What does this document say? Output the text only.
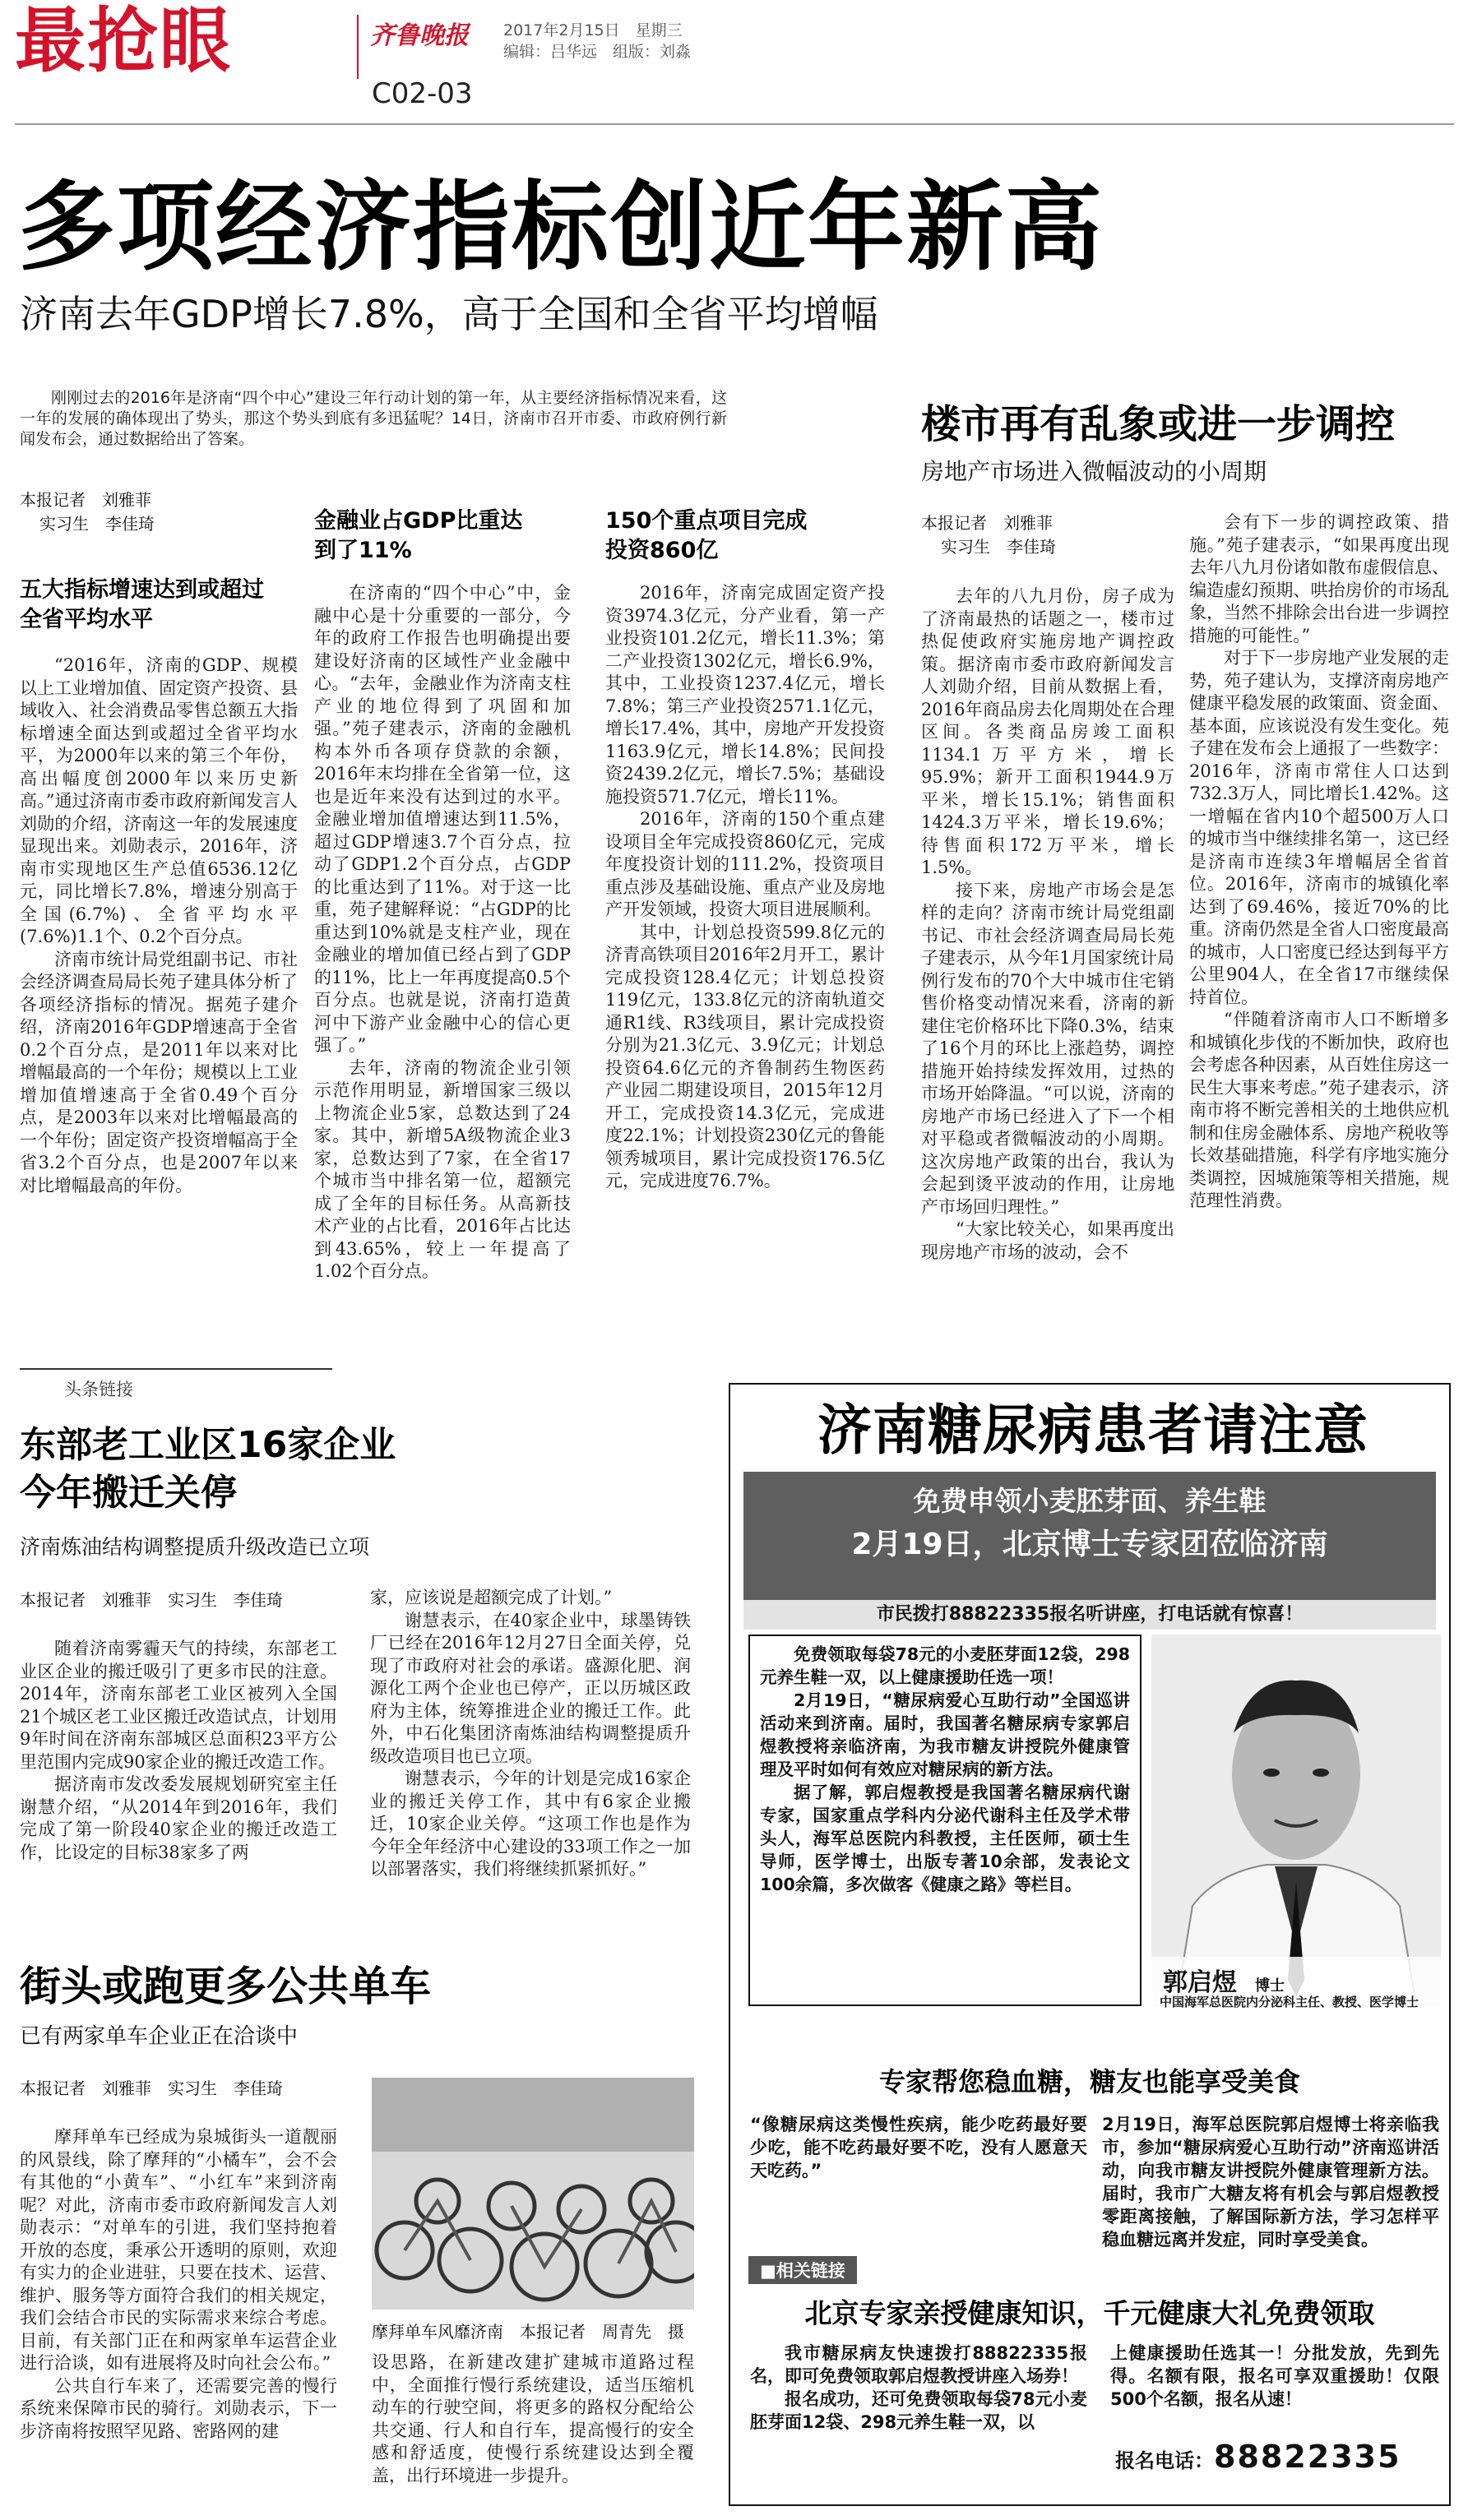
最抢眼	齐鲁晚报 2017年2月15日　 星期三
编辑：吕华远　 组版：刘淼
C02-03
多项经济指标创近年新高
济南去年GDP增长7.8%，高于全国和全省平均增幅

刚刚过去的2016年是济南“四个中心”建设三年行动计划的第一年，从主要经济指标情况来看，这一年的发展的确体现出了势头，那这个势头到底有多迅猛呢？14日，济南市召开市委、市政府例行新闻发布会，通过数据给出了答案。

本报记者　刘雅菲
实习生　李佳琦
五大指标增速达到或超过全省平均水平

“2016年，济南的GDP、规模以上工业增加值、固定资产投资、县域收入、社会消费品零售总额五大指标增速全面达到或超过全省平均水平，为2000年以来的第三个年份，高出幅度创2000年以来历史新高。”通过济南市委市政府新闻发言人刘勋的介绍，济南这一年的发展速度显现出来。刘勋表示，2016年，济南市实现地区生产总值6536.12亿元，同比增长7.8%，增速分别高于全国(6.7%)、全省平均水平(7.6%)1.1个、0.2个百分点。

济南市统计局党组副书记、市社会经济调查局局长苑子建具体分析了各项经济指标的情况。据苑子建介绍，济南2016年GDP增速高于全省0.2个百分点，是2011年以来对比增幅最高的一个年份；规模以上工业增加值增速高于全省0.49个百分点，是2003年以来对比增幅最高的一个年份；固定资产投资增幅高于全省3.2个百分点，也是2007年以来对比增幅最高的年份。

金融业占GDP比重达到了11%

在济南的“四个中心”中，金融中心是十分重要的一部分，今年的政府工作报告也明确提出要建设好济南的区域性产业金融中心。“去年，金融业作为济南支柱产业的地位得到了巩固和加强。”苑子建表示，济南的金融机构本外币各项存贷款的余额，2016年末均排在全省第一位，这也是近年来没有达到过的水平。金融业增加值增速达到11.5%，超过GDP增速3.7个百分点，拉动了GDP1.2个百分点，占GDP的比重达到了11%。对于这一比重，苑子建解释说：“占GDP的比重达到10%就是支柱产业，现在金融业的增加值已经占到了GDP的11%，比上一年再度提高0.5个百分点。也就是说，济南打造黄河中下游产业金融中心的信心更强了。”

去年，济南的物流企业引领示范作用明显，新增国家三级以上物流企业5家，总数达到了24家。其中，新增5A级物流企业3家，总数达到了7家，在全省17个城市当中排名第一位，超额完成了全年的目标任务。从高新技术产业的占比看，2016年占比达到43.65%，较上一年提高了1.02个百分点。

150个重点项目完成投资860亿

2016年，济南完成固定资产投资3974.3亿元，分产业看，第一产业投资101.2亿元，增长11.3%；第二产业投资1302亿元，增长6.9%，其中，工业投资1237.4亿元，增长7.8%；第三产业投资2571.1亿元，增长17.4%，其中，房地产开发投资1163.9亿元，增长14.8%；民间投资2439.2亿元，增长7.5%；基础设施投资571.7亿元，增长11%。

2016年，济南的150个重点建设项目全年完成投资860亿元，完成年度投资计划的111.2%，投资项目重点涉及基础设施、重点产业及房地产开发领域，投资大项目进展顺利。

其中，计划总投资599.8亿元的济青高铁项目2016年2月开工，累计完成投资128.4亿元；计划总投资119亿元，133.8亿元的济南轨道交通R1线、R3线项目，累计完成投资分别为21.3亿元、3.9亿元；计划总投资64.6亿元的齐鲁制药生物医药产业园二期建设项目，2015年12月开工，完成投资14.3亿元，完成进度22.1%；计划投资230亿元的鲁能领秀城项目，累计完成投资176.5亿元，完成进度76.7%。

楼市再有乱象或进一步调控
房地产市场进入微幅波动的小周期
本报记者　刘雅菲
实习生　李佳琦

去年的八九月份，房子成为了济南最热的话题之一，楼市过热促使政府实施房地产调控政策。据济南市委市政府新闻发言人刘勋介绍，目前从数据上看，2016年商品房去化周期处在合理区间。各类商品房竣工面积1134.1万平方米，增长95.9%；新开工面积1944.9万平米，增长15.1%；销售面积1424.3万平米，增长19.6%；待售面积172万平米，增长1.5%。

接下来，房地产市场会是怎样的走向？济南市统计局党组副书记、市社会经济调查局局长苑子建表示，从今年1月国家统计局例行发布的70个大中城市住宅销售价格变动情况来看，济南的新建住宅价格环比下降0.3%，结束了16个月的环比上涨趋势，调控措施开始持续发挥效用，过热的市场开始降温。“可以说，济南的房地产市场已经进入了下一个相对平稳或者微幅波动的小周期。这次房地产政策的出台，我认为会起到烫平波动的作用，让房地产市场回归理性。”

“大家比较关心，如果再度出现房地产市场的波动，会不

会有下一步的调控政策、措施。”苑子建表示，“如果再度出现去年八九月份诸如散布虚假信息、编造虚幻预期、哄抬房价的市场乱象，当然不排除会出台进一步调控措施的可能性。”

对于下一步房地产业发展的走势，苑子建认为，支撑济南房地产健康平稳发展的政策面、资金面、基本面，应该说没有发生变化。苑子建在发布会上通报了一些数字：2016年，济南市常住人口达到732.3万人，同比增长1.42%。这一增幅在省内10个超500万人口的城市当中继续排名第一，这已经是济南市连续3年增幅居全省首位。2016年，济南市的城镇化率达到了69.46%，接近70%的比重。济南仍然是全省人口密度最高的城市，人口密度已经达到每平方公里904人，在全省17市继续保持首位。

“伴随着济南市人口不断增多和城镇化步伐的不断加快，政府也会考虑各种因素，从百姓住房这一民生大事来考虑。”苑子建表示，济南市将不断完善相关的土地供应机制和住房金融体系、房地产税收等长效基础措施，科学有序地实施分类调控，因城施策等相关措施，规范理性消费。

头条链接
东部老工业区16家企业
今年搬迁关停
济南炼油结构调整提质升级改造已立项
本报记者　刘雅菲　实习生　李佳琦

随着济南雾霾天气的持续，东部老工业区企业的搬迁吸引了更多市民的注意。2014年，济南东部老工业区被列入全国21个城区老工业区搬迁改造试点，计划用9年时间在济南东部城区总面积23平方公里范围内完成90家企业的搬迁改造工作。

据济南市发改委发展规划研究室主任谢慧介绍，“从2014年到2016年，我们完成了第一阶段40家企业的搬迁改造工作，比设定的目标38家多了两

家，应该说是超额完成了计划。”

谢慧表示，在40家企业中，球墨铸铁厂已经在2016年12月27日全面关停，兑现了市政府对社会的承诺。盛源化肥、润源化工两个企业也已停产，正以历城区政府为主体，统筹推进企业的搬迁工作。此外，中石化集团济南炼油结构调整提质升级改造项目也已立项。

谢慧表示，今年的计划是完成16家企业的搬迁关停工作，其中有6家企业搬迁，10家企业关停。“这项工作也是作为今年全年经济中心建设的33项工作之一加以部署落实，我们将继续抓紧抓好。”

街头或跑更多公共单车
已有两家单车企业正在洽谈中
本报记者　刘雅菲　实习生　李佳琦

摩拜单车已经成为泉城街头一道靓丽的风景线，除了摩拜的“小橘车”，会不会有其他的“小黄车”、“小红车”来到济南呢？对此，济南市委市政府新闻发言人刘勋表示：“对单车的引进，我们坚持抱着开放的态度，秉承公开透明的原则，欢迎有实力的企业进驻，只要在技术、运营、维护、服务等方面符合我们的相关规定，我们会结合市民的实际需求来综合考虑。目前，有关部门正在和两家单车运营企业进行洽谈，如有进展将及时向社会公布。”

公共自行车来了，还需要完善的慢行系统来保障市民的骑行。刘勋表示，下一步济南将按照罕见路、密路网的建

摩拜单车风靡济南　本报记者　周青先　摄

设思路，在新建改建扩建城市道路过程中，全面推行慢行系统建设，适当压缩机动车的行驶空间，将更多的路权分配给公共交通、行人和自行车，提高慢行的安全感和舒适度，使慢行系统建设达到全覆盖，出行环境进一步提升。

济南糖尿病患者请注意
免费申领小麦胚芽面、养生鞋
2月19日，北京博士专家团莅临济南
市民拨打88822335报名听讲座，打电话就有惊喜！

免费领取每袋78元的小麦胚芽面12袋，298元养生鞋一双，以上健康援助任选一项！

2月19日，“糖尿病爱心互助行动”全国巡讲活动来到济南。届时，我国著名糖尿病专家郭启煜教授将亲临济南，为我市糖友讲授院外健康管理及平时如何有效应对糖尿病的新方法。

据了解，郭启煜教授是我国著名糖尿病代谢专家，国家重点学科内分泌代谢科主任及学术带头人，海军总医院内科教授，主任医师，硕士生导师，医学博士，出版专著10余部，发表论文100余篇，多次做客《健康之路》等栏目。

郭启煜 博士
中国海军总医院内分泌科主任、教授、医学博士
专家帮您稳血糖，糖友也能享受美食

“像糖尿病这类慢性疾病，能少吃药最好要少吃，能不吃药最好要不吃，没有人愿意天天吃药。”

2月19日，海军总医院郭启煜博士将亲临我市，参加“糖尿病爱心互助行动”济南巡讲活动，向我市糖友讲授院外健康管理新方法。届时，我市广大糖友将有机会与郭启煜教授零距离接触，了解国际新方法，学习怎样平稳血糖远离并发症，同时享受美食。

■相关链接
北京专家亲授健康知识，千元健康大礼免费领取

我市糖尿病友快速拨打88822335报名，即可免费领取郭启煜教授讲座入场券！

报名成功，还可免费领取每袋78元小麦胚芽面12袋、298元养生鞋一双，以

上健康援助任选其一！分批发放，先到先得。名额有限，报名可享双重援助！仅限500个名额，报名从速！

报名电话：88822335
